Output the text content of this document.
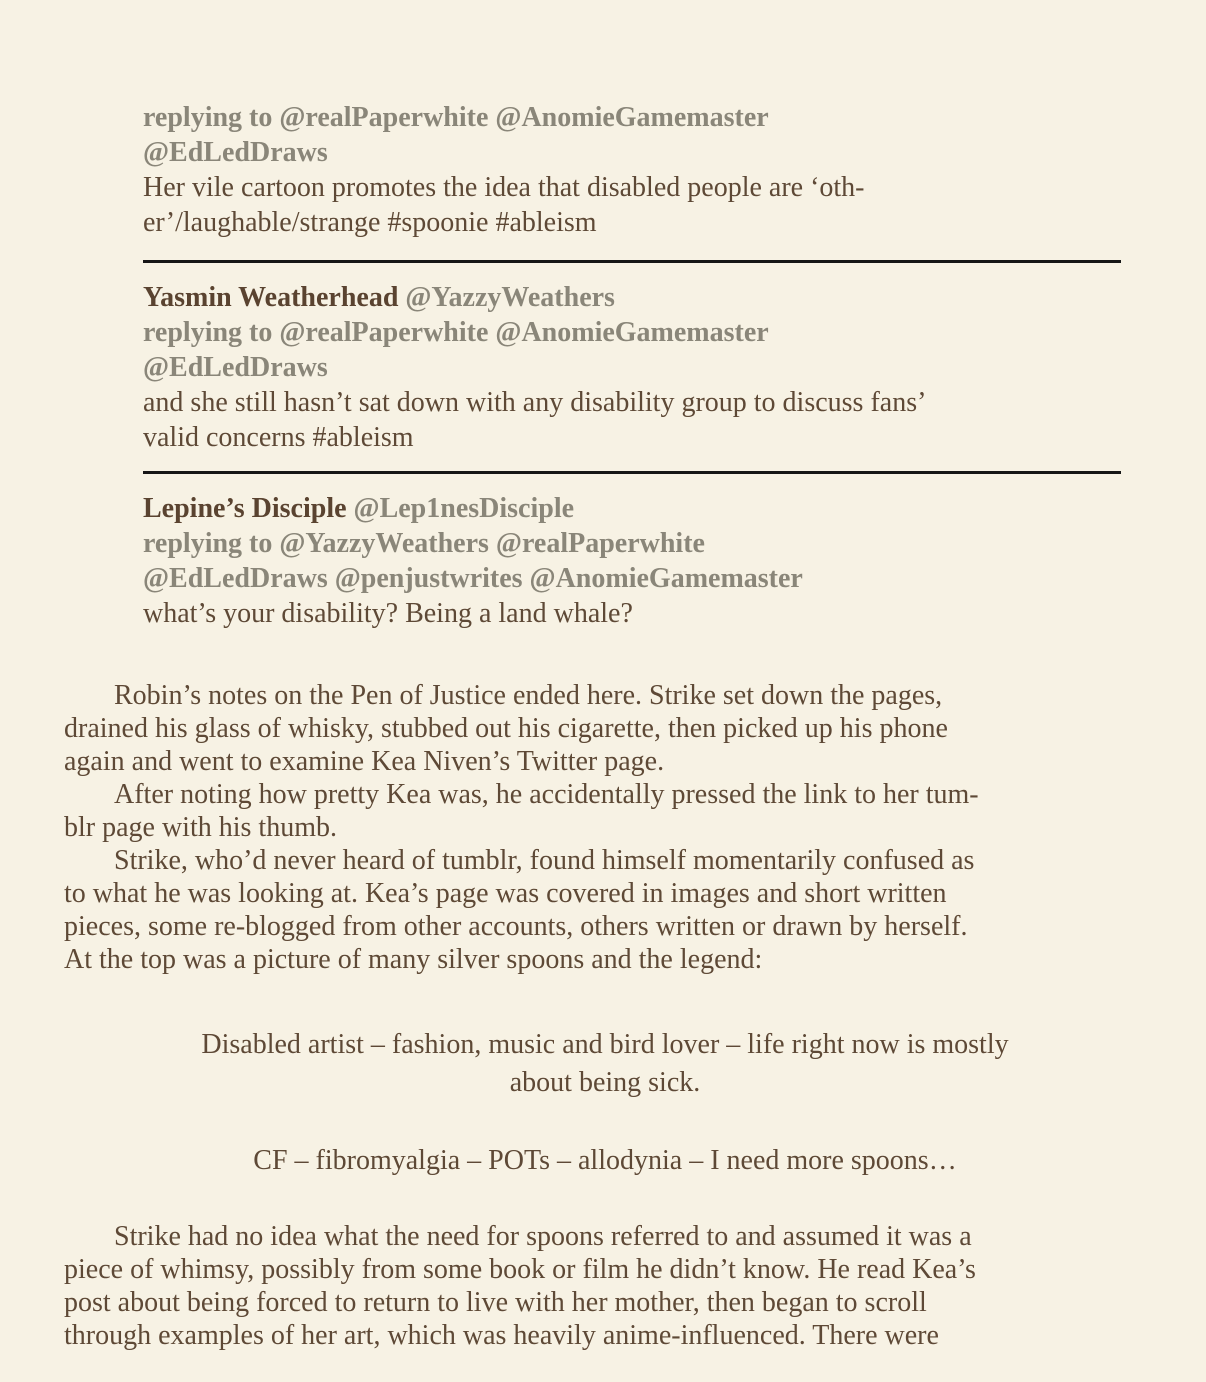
replying to @realPaperwhite @AnomieGamemaster
@EdLedDraws
Her vile cartoon promotes the idea that disabled people are ‘oth-
er’/laughable/strange #spoonie #ableism
Yasmin Weatherhead @YazzyWeathers
replying to @realPaperwhite @AnomieGamemaster
@EdLedDraws
and she still hasn’t sat down with any disability group to discuss fans’
valid concerns #ableism
Lepine’s Disciple @Lep1nesDisciple
replying to @YazzyWeathers @realPaperwhite
@EdLedDraws @penjustwrites @AnomieGamemaster
what’s your disability? Being a land whale?
Robin’s notes on the Pen of Justice ended here. Strike set down the pages,
drained his glass of whisky, stubbed out his cigarette, then picked up his phone
again and went to examine Kea Niven’s Twitter page.
After noting how pretty Kea was, he accidentally pressed the link to her tum-
blr page with his thumb.
Strike, who’d never heard of tumblr, found himself momentarily confused as
to what he was looking at. Kea’s page was covered in images and short written
pieces, some re-blogged from other accounts, others written or drawn by herself.
At the top was a picture of many silver spoons and the legend:
Disabled artist – fashion, music and bird lover – life right now is mostly
about being sick.
CF – fibromyalgia – POTs – allodynia – I need more spoons…
Strike had no idea what the need for spoons referred to and assumed it was a
piece of whimsy, possibly from some book or film he didn’t know. He read Kea’s
post about being forced to return to live with her mother, then began to scroll
through examples of her art, which was heavily anime-influenced. There were
